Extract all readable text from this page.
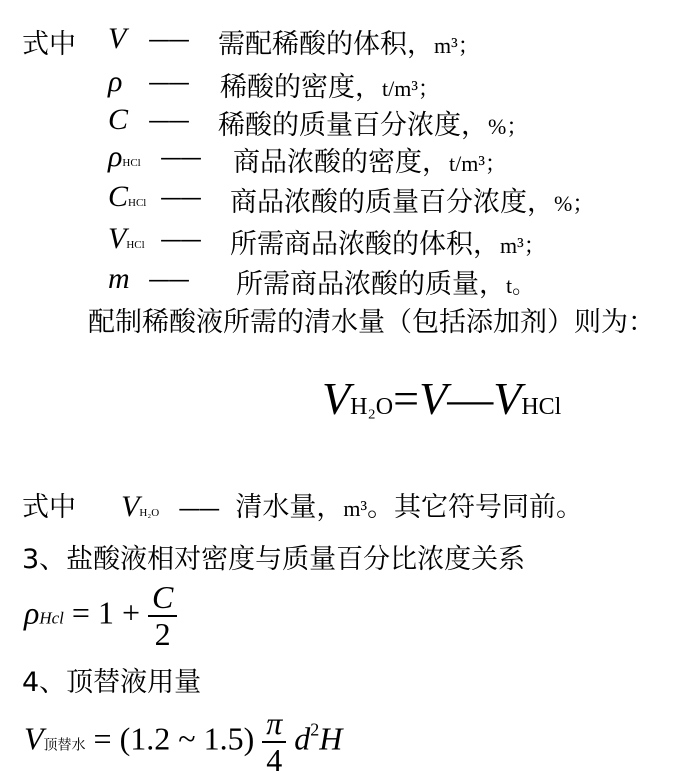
式中 V —— 需配稀酸的体积，m³；
ρ —— 稀酸的密度，t/m³；
C —— 稀酸的质量百分浓度，%；
ρHCl —— 商品浓酸的密度，t/m³；
CHCl —— 商品浓酸的质量百分浓度，%；
VHCl —— 所需商品浓酸的体积，m³；
m —— 所需商品浓酸的质量，t。
配制稀酸液所需的清水量（包括添加剂）则为：
VH₂O=V—VHCl
式中 VH₂O —— 清水量，m³。其它符号同前。
3、盐酸液相对密度与质量百分比浓度关系
$\rho Hcl = 1 + \frac{C}{2}$
4、顶替液用量
V顶替水 = (1.2 ~ $1.5) \frac{\pi}{4} d^2H$
